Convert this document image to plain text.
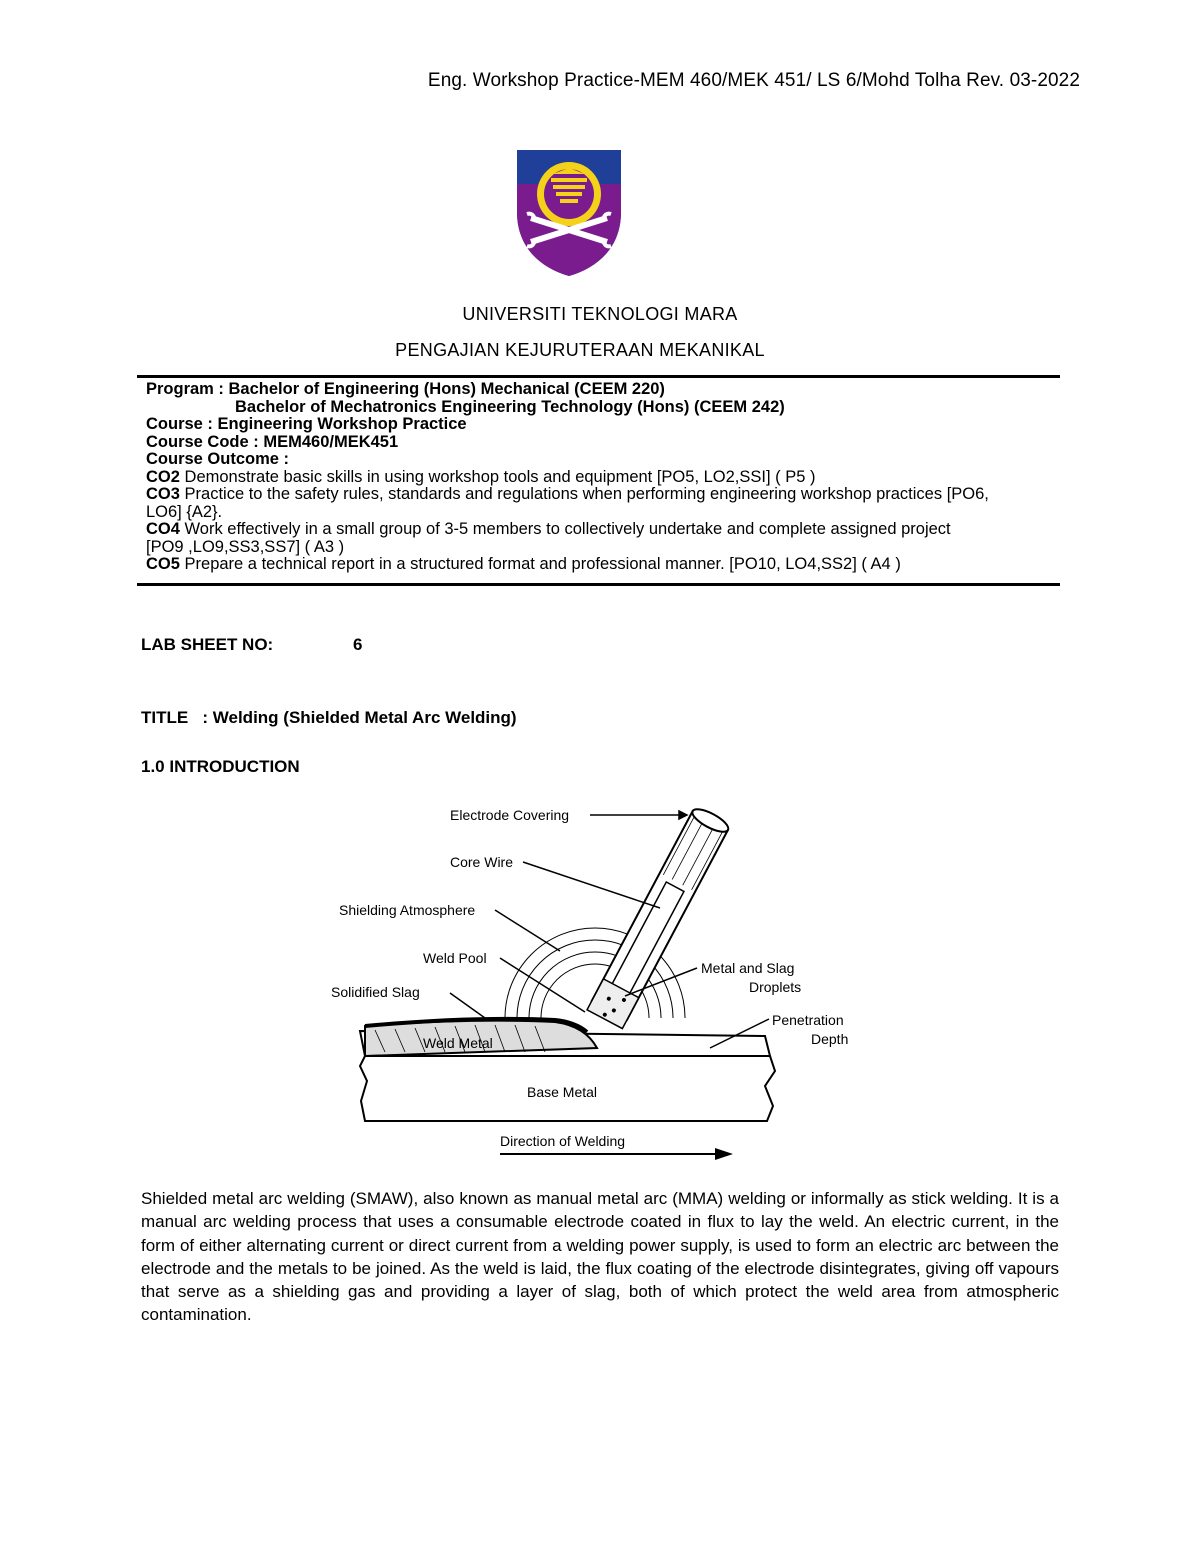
Eng. Workshop Practice-MEM 460/MEK 451/ LS 6/Mohd Tolha Rev. 03-2022
UNIVERSITI TEKNOLOGI MARA
PENGAJIAN KEJURUTERAAN MEKANIKAL
Program : Bachelor of Engineering (Hons) Mechanical (CEEM 220)
Bachelor of Mechatronics Engineering Technology (Hons) (CEEM 242)
Course : Engineering Workshop Practice
Course Code : MEM460/MEK451
Course Outcome :
CO2 Demonstrate basic skills in using workshop tools and equipment [PO5, LO2,SSI] ( P5 )
CO3 Practice to the safety rules, standards and regulations when performing engineering workshop practices [PO6,
LO6] {A2}.
CO4 Work effectively in a small group of 3-5 members to collectively undertake and complete assigned project
[PO9 ,LO9,SS3,SS7] ( A3 )
CO5 Prepare a technical report in a structured format and professional manner. [PO10, LO4,SS2] ( A4 )
LAB SHEET NO:	6
TITLE   : Welding (Shielded Metal Arc Welding)
1.0 INTRODUCTION
Electrode Covering
Core Wire
Shielding Atmosphere
Weld Pool
Solidified Slag
Metal and Slag
Droplets
Penetration
Depth
Weld Metal
Base Metal
Direction of Welding
Shielded metal arc welding (SMAW), also known as manual metal arc (MMA) welding or informally as stick welding. It is a manual arc welding process that uses a consumable electrode coated in flux to lay the weld. An electric current, in the form of either alternating current or direct current from a welding power supply, is used to form an electric arc between the electrode and the metals to be joined. As the weld is laid, the flux coating of the electrode disintegrates, giving off vapours that serve as a shielding gas and providing a layer of slag, both of which protect the weld area from atmospheric contamination.
